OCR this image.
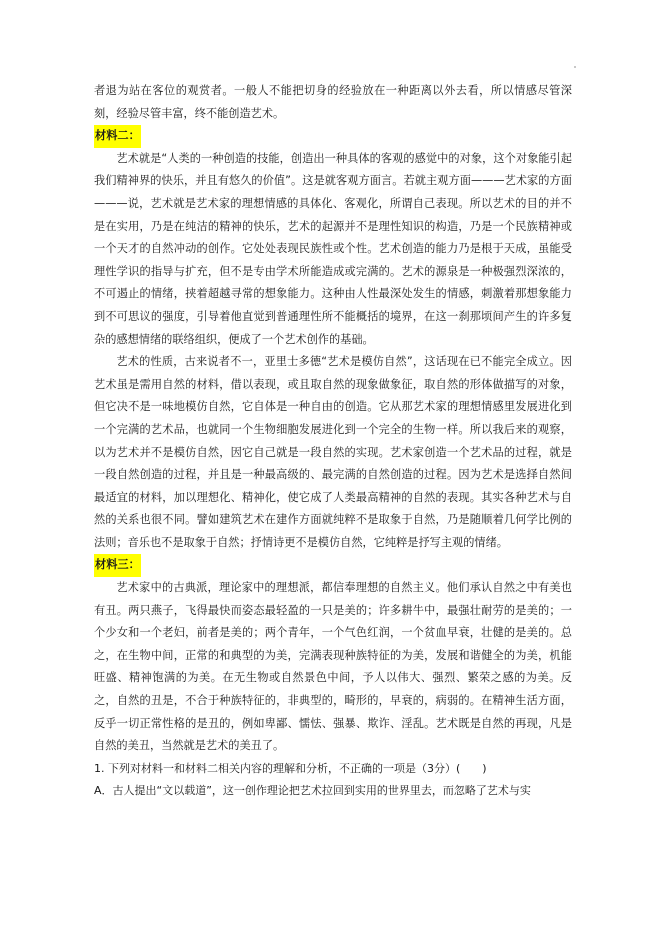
者退为站在客位的观赏者。一般人不能把切身的经验放在一种距离以外去看，所以情感尽管深刻，经验尽管丰富，终不能创造艺术。

材料二：

艺术就是“人类的一种创造的技能，创造出一种具体的客观的感觉中的对象，这个对象能引起我们精神界的快乐，并且有悠久的价值”。这是就客观方面言。若就主观方面———艺术家的方面———说，艺术就是艺术家的理想情感的具体化、客观化，所谓自己表现。所以艺术的目的并不是在实用，乃是在纯洁的精神的快乐，艺术的起源并不是理性知识的构造，乃是一个民族精神或一个天才的自然冲动的创作。它处处表现民族性或个性。艺术创造的能力乃是根于天成，虽能受理性学识的指导与扩充，但不是专由学术所能造成或完满的。艺术的源泉是一种极强烈深浓的，不可遏止的情绪，挟着超越寻常的想象能力。这种由人性最深处发生的情感，刺激着那想象能力到不可思议的强度，引导着他直觉到普通理性所不能概括的境界，在这一刹那顷间产生的许多复杂的感想情绪的联络组织，便成了一个艺术创作的基础。

艺术的性质，古来说者不一，亚里士多德“艺术是模仿自然”，这话现在已不能完全成立。因艺术虽是需用自然的材料，借以表现，或且取自然的现象做象征，取自然的形体做描写的对象，但它决不是一味地模仿自然，它自体是一种自由的创造。它从那艺术家的理想情感里发展进化到一个完满的艺术品，也就同一个生物细胞发展进化到一个完全的生物一样。所以我后来的观察，以为艺术并不是模仿自然，因它自己就是一段自然的实现。艺术家创造一个艺术品的过程，就是一段自然创造的过程，并且是一种最高级的、最完满的自然创造的过程。因为艺术是选择自然间最适宜的材料，加以理想化、精神化，使它成了人类最高精神的自然的表现。其实各种艺术与自然的关系也很不同。譬如建筑艺术在建作方面就纯粹不是取象于自然，乃是随顺着几何学比例的法则；音乐也不是取象于自然；抒情诗更不是模仿自然，它纯粹是抒写主观的情绪。

材料三：

艺术家中的古典派，理论家中的理想派，都信奉理想的自然主义。他们承认自然之中有美也有丑。两只燕子，飞得最快而姿态最轻盈的一只是美的；许多耕牛中，最强壮耐劳的是美的；一个少女和一个老妇，前者是美的；两个青年，一个气色红润，一个贫血早衰，壮健的是美的。总之，在生物中间，正常的和典型的为美，完满表现种族特征的为美，发展和谐健全的为美，机能旺盛、精神饱满的为美。在无生物或自然景色中间，予人以伟大、强烈、繁荣之感的为美。反之，自然的丑是，不合于种族特征的，非典型的，畸形的，早衰的，病弱的。在精神生活方面，反乎一切正常性格的是丑的，例如卑鄙、懦怯、强暴、欺诈、淫乱。艺术既是自然的再现，凡是自然的美丑，当然就是艺术的美丑了。

1. 下列对材料一和材料二相关内容的理解和分析，不正确的一项是（3分）(　　)

A．古人提出“文以载道”，这一创作理论把艺术拉回到实用的世界里去，而忽略了艺术与实
